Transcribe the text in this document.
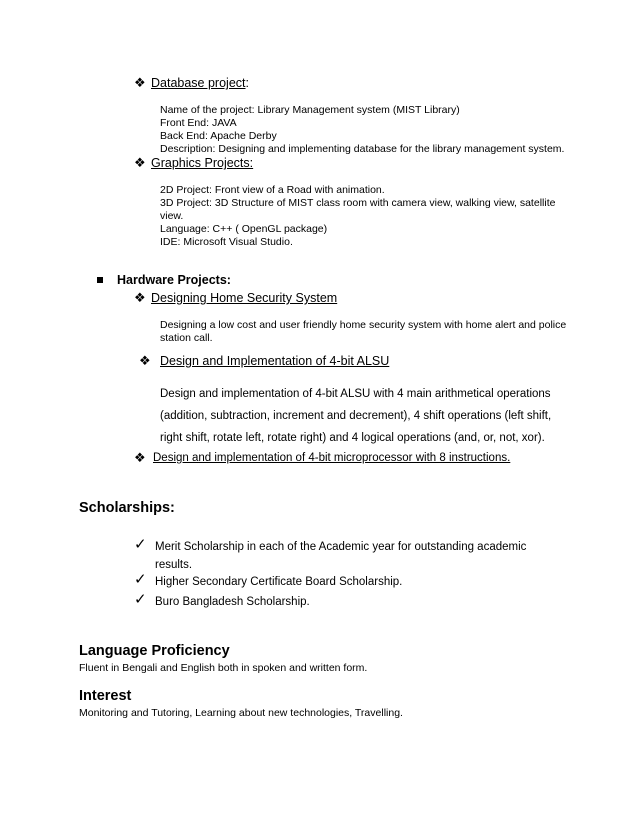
❖ Database project:
Name of the project: Library Management system (MIST Library)
Front End: JAVA
Back End: Apache Derby
Description: Designing and implementing database for the library management system.
❖ Graphics Projects:
2D Project: Front view of a Road with animation.
3D Project: 3D Structure of MIST class room with camera view, walking view, satellite
view.
Language: C++ ( OpenGL package)
IDE: Microsoft Visual Studio.
Hardware Projects:
❖ Designing Home Security System
Designing a low cost and user friendly home security system with home alert and police
station call.
❖ Design and Implementation of 4-bit ALSU
Design and implementation of 4-bit ALSU with 4 main arithmetical operations
(addition, subtraction, increment and decrement), 4 shift operations (left shift,
right shift, rotate left, rotate right) and 4 logical operations (and, or, not, xor).
❖ Design and implementation of 4-bit microprocessor with 8 instructions.
Scholarships:
✓ Merit Scholarship in each of the Academic year for outstanding academic
results.
✓ Higher Secondary Certificate Board Scholarship.
✓ Buro Bangladesh Scholarship.
Language Proficiency
Fluent in Bengali and English both in spoken and written form.
Interest
Monitoring and Tutoring, Learning about new technologies, Travelling.
